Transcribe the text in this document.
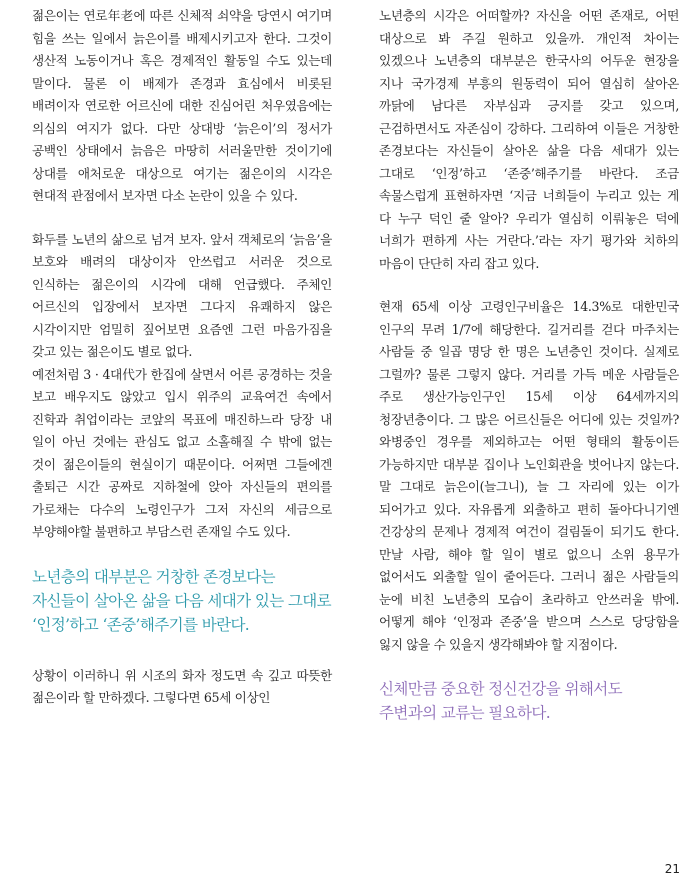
젊은이는 연로年老에 따른 신체적 쇠약을 당연시 여기며 힘을 쓰는 일에서 늙은이를 배제시키고자 한다. 그것이 생산적 노동이거나 혹은 경제적인 활동일 수도 있는데 말이다. 물론 이 배제가 존경과 효심에서 비롯된 배려이자 연로한 어르신에 대한 진심어린 처우였음에는 의심의 여지가 없다. 다만 상대방 ‘늙은이’의 정서가 공백인 상태에서 늙음은 마땅히 서러울만한 것이기에 상대를 애처로운 대상으로 여기는 젊은이의 시각은 현대적 관점에서 보자면 다소 논란이 있을 수 있다.

화두를 노년의 삶으로 넘겨 보자. 앞서 객체로의 ‘늙음’을 보호와 배려의 대상이자 안쓰럽고 서러운 것으로 인식하는 젊은이의 시각에 대해 언급했다. 주체인 어르신의 입장에서 보자면 그다지 유쾌하지 않은 시각이지만 엄밀히 짚어보면 요즘엔 그런 마음가짐을 갖고 있는 젊은이도 별로 없다.

예전처럼 3 · 4대代가 한집에 살면서 어른 공경하는 것을 보고 배우지도 않았고 입시 위주의 교육여건 속에서 진학과 취업이라는 코앞의 목표에 매진하느라 당장 내 일이 아닌 것에는 관심도 없고 소홀해질 수 밖에 없는 것이 젊은이들의 현실이기 때문이다. 어쩌면 그들에겐 출퇴근 시간 공짜로 지하철에 앉아 자신들의 편의를 가로채는 다수의 노령인구가 그저 자신의 세금으로 부양해야할 불편하고 부담스런 존재일 수도 있다.

노년층의 대부분은 거창한 존경보다는 자신들이 살아온 삶을 다음 세대가 있는 그대로 ‘인정’하고 ‘존중’해주기를 바란다.

상황이 이러하니 위 시조의 화자 정도면 속 깊고 따뜻한 젊은이라 할 만하겠다. 그렇다면 65세 이상인

노년층의 시각은 어떠할까? 자신을 어떤 존재로, 어떤 대상으로 봐 주길 원하고 있을까. 개인적 차이는 있겠으나 노년층의 대부분은 한국사의 어두운 현장을 지나 국가경제 부흥의 원동력이 되어 열심히 살아온 까닭에 남다른 자부심과 긍지를 갖고 있으며, 근검하면서도 자존심이 강하다. 그리하여 이들은 거창한 존경보다는 자신들이 살아온 삶을 다음 세대가 있는 그대로 ‘인정’하고 ‘존중’해주기를 바란다. 조금 속물스럽게 표현하자면 ‘지금 너희들이 누리고 있는 게 다 누구 덕인 줄 알아? 우리가 열심히 이뤄놓은 덕에 너희가 편하게 사는 거란다.’라는 자기 평가와 치하의 마음이 단단히 자리 잡고 있다.

현재 65세 이상 고령인구비율은 14.3%로 대한민국 인구의 무려 1/7에 해당한다. 길거리를 걷다 마주치는 사람들 중 일곱 명당 한 명은 노년층인 것이다. 실제로 그럴까? 물론 그렇지 않다. 거리를 가득 메운 사람들은 주로 생산가능인구인 15세 이상 64세까지의 청장년층이다. 그 많은 어르신들은 어디에 있는 것일까? 와병중인 경우를 제외하고는 어떤 형태의 활동이든 가능하지만 대부분 집이나 노인회관을 벗어나지 않는다. 말 그대로 늙은이(늘그니), 늘 그 자리에 있는 이가 되어가고 있다. 자유롭게 외출하고 편히 돌아다니기엔 건강상의 문제나 경제적 여건이 걸림돌이 되기도 한다. 만날 사람, 해야 할 일이 별로 없으니 소위 용무가 없어서도 외출할 일이 줄어든다. 그러니 젊은 사람들의 눈에 비친 노년층의 모습이 초라하고 안쓰러울 밖에. 어떻게 해야 ‘인정과 존중’을 받으며 스스로 당당함을 잃지 않을 수 있을지 생각해봐야 할 지점이다.

신체만큼 중요한 정신건강을 위해서도 주변과의 교류는 필요하다.

21
